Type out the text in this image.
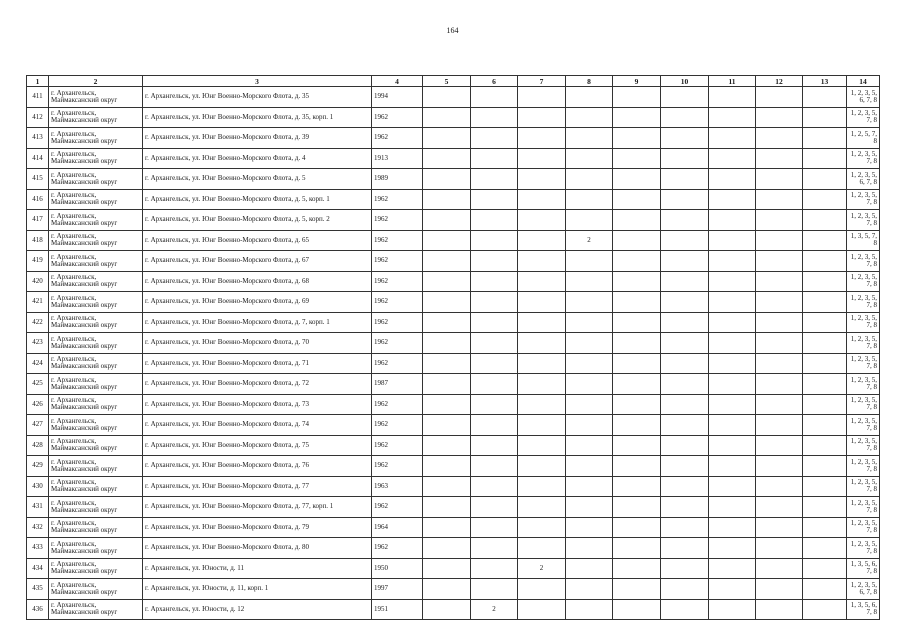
164
1	2	3	4	5	6	7	8	9	10	11	12	13	14
411	г. Архангельск, Маймаксанский округ	г. Архангельск, ул. Юнг Военно-Морского Флота, д. 35	1994										1, 2, 3, 5, 6, 7, 8
412	г. Архангельск, Маймаксанский округ	г. Архангельск, ул. Юнг Военно-Морского Флота, д. 35, корп. 1	1962										1, 2, 3, 5, 7, 8
413	г. Архангельск, Маймаксанский округ	г. Архангельск, ул. Юнг Военно-Морского Флота, д. 39	1962										1, 2, 5, 7, 8
414	г. Архангельск, Маймаксанский округ	г. Архангельск, ул. Юнг Военно-Морского Флота, д. 4	1913										1, 2, 3, 5, 7, 8
415	г. Архангельск, Маймаксанский округ	г. Архангельск, ул. Юнг Военно-Морского Флота, д. 5	1989										1, 2, 3, 5, 6, 7, 8
416	г. Архангельск, Маймаксанский округ	г. Архангельск, ул. Юнг Военно-Морского Флота, д. 5, корп. 1	1962										1, 2, 3, 5, 7, 8
417	г. Архангельск, Маймаксанский округ	г. Архангельск, ул. Юнг Военно-Морского Флота, д. 5, корп. 2	1962										1, 2, 3, 5, 7, 8
418	г. Архангельск, Маймаксанский округ	г. Архангельск, ул. Юнг Военно-Морского Флота, д. 65	1962				2						1, 3, 5, 7, 8
419	г. Архангельск, Маймаксанский округ	г. Архангельск, ул. Юнг Военно-Морского Флота, д. 67	1962										1, 2, 3, 5, 7, 8
420	г. Архангельск, Маймаксанский округ	г. Архангельск, ул. Юнг Военно-Морского Флота, д. 68	1962										1, 2, 3, 5, 7, 8
421	г. Архангельск, Маймаксанский округ	г. Архангельск, ул. Юнг Военно-Морского Флота, д. 69	1962										1, 2, 3, 5, 7, 8
422	г. Архангельск, Маймаксанский округ	г. Архангельск, ул. Юнг Военно-Морского Флота, д. 7, корп. 1	1962										1, 2, 3, 5, 7, 8
423	г. Архангельск, Маймаксанский округ	г. Архангельск, ул. Юнг Военно-Морского Флота, д. 70	1962										1, 2, 3, 5, 7, 8
424	г. Архангельск, Маймаксанский округ	г. Архангельск, ул. Юнг Военно-Морского Флота, д. 71	1962										1, 2, 3, 5, 7, 8
425	г. Архангельск, Маймаксанский округ	г. Архангельск, ул. Юнг Военно-Морского Флота, д. 72	1987										1, 2, 3, 5, 7, 8
426	г. Архангельск, Маймаксанский округ	г. Архангельск, ул. Юнг Военно-Морского Флота, д. 73	1962										1, 2, 3, 5, 7, 8
427	г. Архангельск, Маймаксанский округ	г. Архангельск, ул. Юнг Военно-Морского Флота, д. 74	1962										1, 2, 3, 5, 7, 8
428	г. Архангельск, Маймаксанский округ	г. Архангельск, ул. Юнг Военно-Морского Флота, д. 75	1962										1, 2, 3, 5, 7, 8
429	г. Архангельск, Маймаксанский округ	г. Архангельск, ул. Юнг Военно-Морского Флота, д. 76	1962										1, 2, 3, 5, 7, 8
430	г. Архангельск, Маймаксанский округ	г. Архангельск, ул. Юнг Военно-Морского Флота, д. 77	1963										1, 2, 3, 5, 7, 8
431	г. Архангельск, Маймаксанский округ	г. Архангельск, ул. Юнг Военно-Морского Флота, д. 77, корп. 1	1962										1, 2, 3, 5, 7, 8
432	г. Архангельск, Маймаксанский округ	г. Архангельск, ул. Юнг Военно-Морского Флота, д. 79	1964										1, 2, 3, 5, 7, 8
433	г. Архангельск, Маймаксанский округ	г. Архангельск, ул. Юнг Военно-Морского Флота, д. 80	1962										1, 2, 3, 5, 7, 8
434	г. Архангельск, Маймаксанский округ	г. Архангельск, ул. Юности, д. 11	1950			2							1, 3, 5, 6, 7, 8
435	г. Архангельск, Маймаксанский округ	г. Архангельск, ул. Юности, д. 11, корп. 1	1997										1, 2, 3, 5, 6, 7, 8
436	г. Архангельск, Маймаксанский округ	г. Архангельск, ул. Юности, д. 12	1951		2								1, 3, 5, 6, 7, 8
